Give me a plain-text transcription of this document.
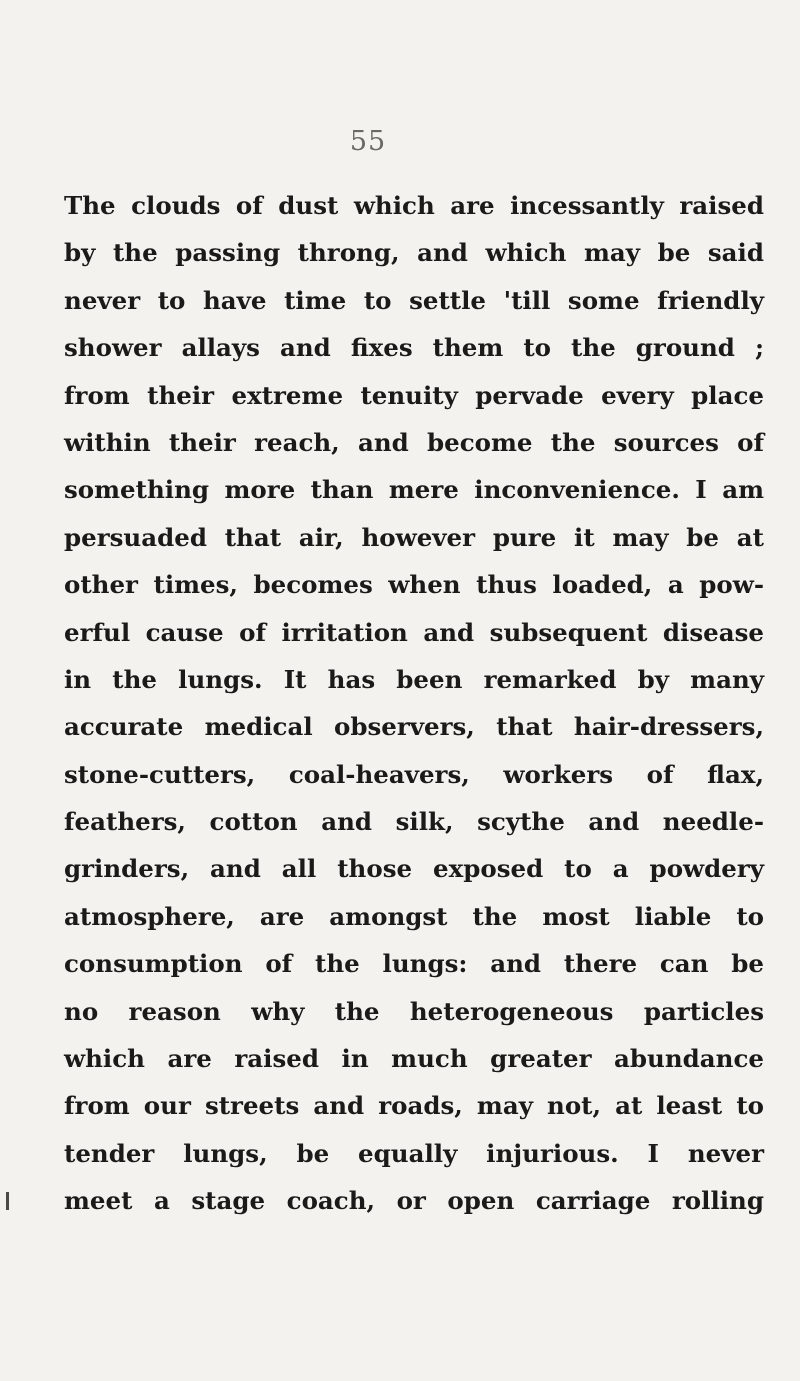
55
The clouds of dust which are incessantly raised
by the passing throng, and which may be said
never to have time to settle 'till some friendly
shower allays and fixes them to the ground ;
from their extreme tenuity pervade every place
within their reach, and become the sources of
something more than mere inconvenience. I am
persuaded that air, however pure it may be at
other times, becomes when thus loaded, a pow-
erful cause of irritation and subsequent disease
in the lungs. It has been remarked by many
accurate medical observers, that hair-dressers,
stone-cutters, coal-heavers, workers of flax,
feathers, cotton and silk, scythe and needle-
grinders, and all those exposed to a powdery
atmosphere, are amongst the most liable to
consumption of the lungs: and there can be
no reason why the heterogeneous particles
which are raised in much greater abundance
from our streets and roads, may not, at least to
tender lungs, be equally injurious. I never
meet a stage coach, or open carriage rolling
